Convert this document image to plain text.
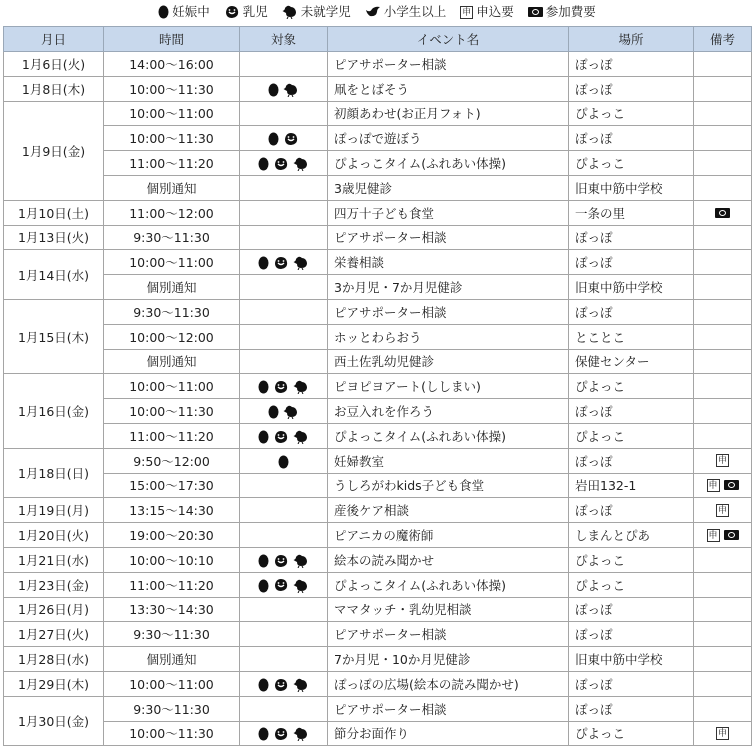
妊娠中	乳児	未就学児	小学生以上 申 申込要	参加費要
月日	時間	対象	イベント名	場所	備考
1月6日(火)	14:00～16:00		ピアサポーター相談	ぽっぽ	

1月8日(木)	10:00～11:30		凧をとばそう	ぽっぽ	

1月9日(金)	10:00～11:00		初顔あわせ(お正月フォト)	ぴよっこ	

	10:00～11:30		ぽっぽで遊ぼう	ぽっぽ	

	11:00～11:20		ぴよっこタイム(ふれあい体操)	ぴよっこ	

	個別通知		3歳児健診	旧東中筋中学校	

1月10日(土)	11:00～12:00		四万十子ども食堂	一条の里	

1月13日(火)	9:30～11:30		ピアサポーター相談	ぽっぽ	

1月14日(水)	10:00～11:00		栄養相談	ぽっぽ	

	個別通知		3か月児・7か月児健診	旧東中筋中学校	

1月15日(木)	9:30～11:30		ピアサポーター相談	ぽっぽ	

	10:00～12:00		ホッとわらおう	とことこ	

	個別通知		西土佐乳幼児健診	保健センター	

1月16日(金)	10:00～11:00		ピヨピヨアート(ししまい)	ぴよっこ	

	10:00～11:30		お豆入れを作ろう	ぽっぽ	

	11:00～11:20		ぴよっこタイム(ふれあい体操)	ぴよっこ	

1月18日(日)	9:50～12:00		妊婦教室	ぽっぽ	申

	15:00～17:30		うしろがわkids子ども食堂	岩田132-1	申

1月19日(月)	13:15～14:30		産後ケア相談	ぽっぽ	申

1月20日(火)	19:00～20:30		ピアニカの魔術師	しまんとぴあ	申

1月21日(水)	10:00～10:10		絵本の読み聞かせ	ぴよっこ	

1月23日(金)	11:00～11:20		ぴよっこタイム(ふれあい体操)	ぴよっこ	

1月26日(月)	13:30～14:30		ママタッチ・乳幼児相談	ぽっぽ	

1月27日(火)	9:30～11:30		ピアサポーター相談	ぽっぽ	

1月28日(水)	個別通知		7か月児・10か月児健診	旧東中筋中学校	

1月29日(木)	10:00～11:00		ぽっぽの広場(絵本の読み聞かせ)	ぽっぽ	

1月30日(金)	9:30～11:30		ピアサポーター相談	ぽっぽ	

	10:00～11:30		節分お面作り	ぴよっこ	申
